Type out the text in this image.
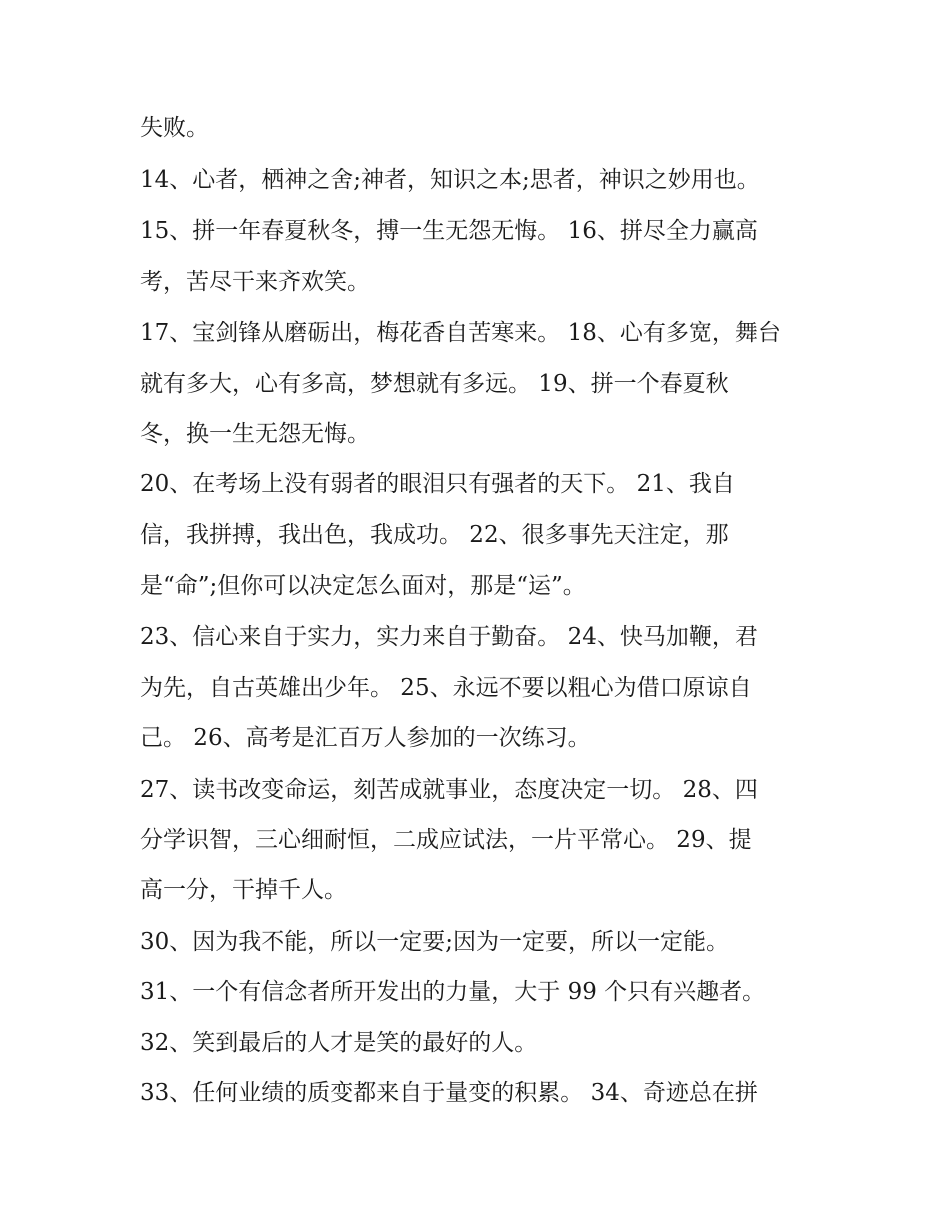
失败。
14、心者，栖神之舍;神者，知识之本;思者，神识之妙用也。
15、拼一年春夏秋冬，搏一生无怨无悔。 16、拼尽全力赢高
考，苦尽干来齐欢笑。
17、宝剑锋从磨砺出，梅花香自苦寒来。 18、心有多宽，舞台
就有多大，心有多高，梦想就有多远。 19、拼一个春夏秋
冬，换一生无怨无悔。
20、在考场上没有弱者的眼泪只有强者的天下。 21、我自
信，我拼搏，我出色，我成功。 22、很多事先天注定，那
是“命”;但你可以决定怎么面对，那是“运”。
23、信心来自于实力，实力来自于勤奋。 24、快马加鞭，君
为先，自古英雄出少年。 25、永远不要以粗心为借口原谅自
己。 26、高考是汇百万人参加的一次练习。
27、读书改变命运，刻苦成就事业，态度决定一切。 28、四
分学识智，三心细耐恒，二成应试法，一片平常心。 29、提
高一分，干掉千人。
30、因为我不能，所以一定要;因为一定要，所以一定能。
31、一个有信念者所开发出的力量，大于 99 个只有兴趣者。
32、笑到最后的人才是笑的最好的人。
33、任何业绩的质变都来自于量变的积累。 34、奇迹总在拼
